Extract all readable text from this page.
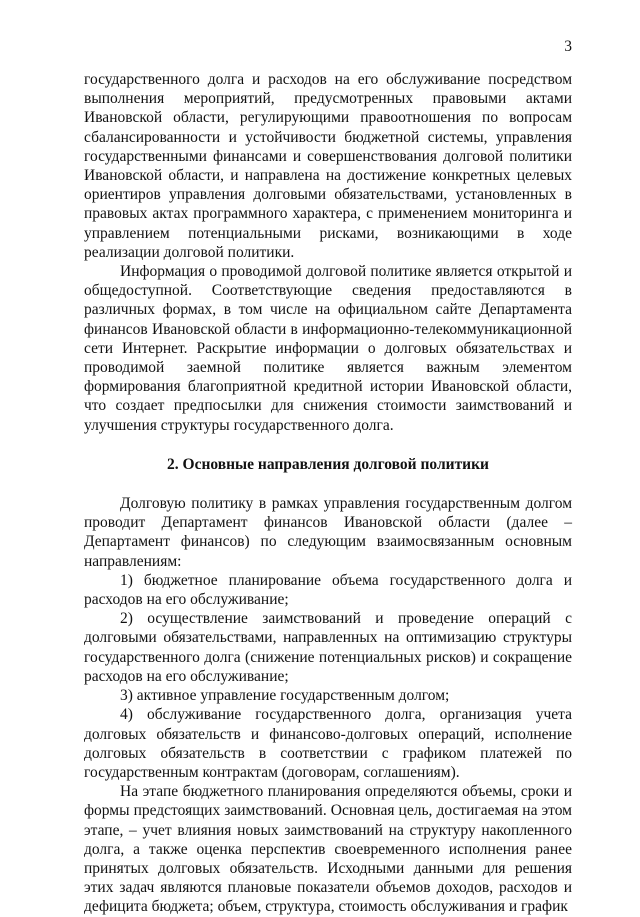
3

государственного долга и расходов на его обслуживание посредством выполнения мероприятий, предусмотренных правовыми актами Ивановской области, регулирующими правоотношения по вопросам сбалансированности и устойчивости бюджетной системы, управления государственными финансами и совершенствования долговой политики Ивановской области, и направлена на достижение конкретных целевых ориентиров управления долговыми обязательствами, установленных в правовых актах программного характера, с применением мониторинга и управлением потенциальными рисками, возникающими в ходе реализации долговой политики.

Информация о проводимой долговой политике является открытой и общедоступной. Соответствующие сведения предоставляются в различных формах, в том числе на официальном сайте Департамента финансов Ивановской области в информационно-телекоммуникационной сети Интернет. Раскрытие информации о долговых обязательствах и проводимой заемной политике является важным элементом формирования благоприятной кредитной истории Ивановской области, что создает предпосылки для снижения стоимости заимствований и улучшения структуры государственного долга.

2. Основные направления долговой политики

Долговую политику в рамках управления государственным долгом проводит Департамент финансов Ивановской области (далее – Департамент финансов) по следующим взаимосвязанным основным направлениям:

1) бюджетное планирование объема государственного долга и расходов на его обслуживание;

2) осуществление заимствований и проведение операций с долговыми обязательствами, направленных на оптимизацию структуры государственного долга (снижение потенциальных рисков) и сокращение расходов на его обслуживание;

3) активное управление государственным долгом;

4) обслуживание государственного долга, организация учета долговых обязательств и финансово-долговых операций, исполнение долговых обязательств в соответствии с графиком платежей по государственным контрактам (договорам, соглашениям).

На этапе бюджетного планирования определяются объемы, сроки и формы предстоящих заимствований. Основная цель, достигаемая на этом этапе, – учет влияния новых заимствований на структуру накопленного долга, а также оценка перспектив своевременного исполнения ранее принятых долговых обязательств. Исходными данными для решения этих задач являются плановые показатели объемов доходов, расходов и дефицита бюджета; объем, структура, стоимость обслуживания и график
